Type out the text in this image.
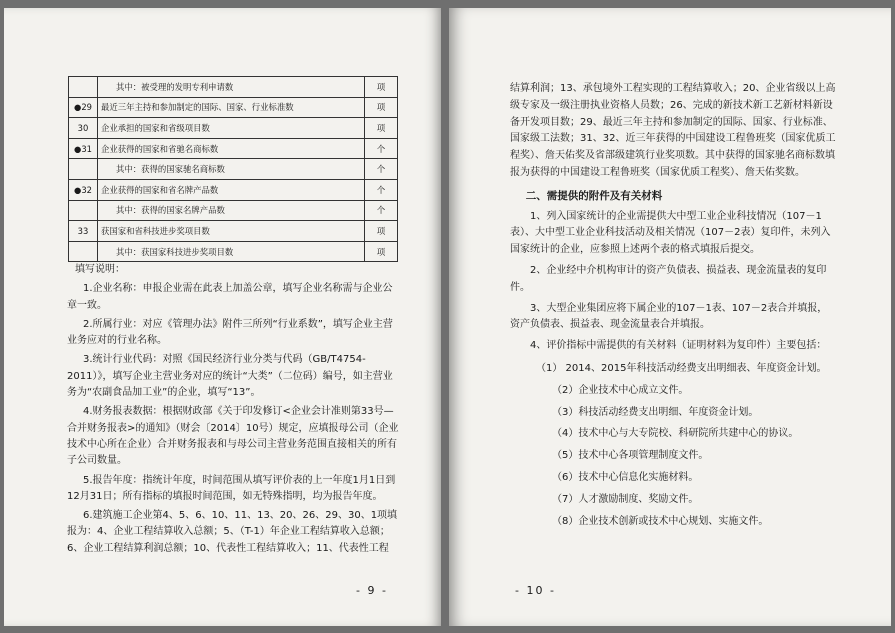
	其中：被受理的发明专利申请数	项
●29	最近三年主持和参加制定的国际、国家、行业标准数	项
30	企业承担的国家和省级项目数	项
●31	企业获得的国家和省驰名商标数	个
	其中：获得的国家驰名商标数	个
●32	企业获得的国家和省名牌产品数	个
	其中：获得的国家名牌产品数	个
33	获国家和省科技进步奖项目数	项
	其中：获国家科技进步奖项目数	项

填写说明：

1.企业名称：申报企业需在此表上加盖公章，填写企业名称需与企业公章一致。

2.所属行业：对应《管理办法》附件三所列“行业系数”，填写企业主营业务应对的行业名称。

3.统计行业代码：对照《国民经济行业分类与代码（GB/T4754-2011）》，填写企业主营业务对应的统计“大类”（二位码）编号，如主营业务为“农副食品加工业”的企业，填写“13”。

4.财务报表数据：根据财政部《关于印发修订<企业会计准则第33号—合并财务报表>的通知》（财会〔2014〕10号）规定，应填报母公司（企业技术中心所在企业）合并财务报表和与母公司主营业务范围直接相关的所有子公司数量。

5.报告年度：指统计年度，时间范围从填写评价表的上一年度1月1日到12月31日；所有指标的填报时间范围，如无特殊指明，均为报告年度。

6.建筑施工企业第4、5、6、10、11、13、20、26、29、30、1项填报为：4、企业工程结算收入总额；5、（T-1）年企业工程结算收入总额；6、企业工程结算利润总额；10、代表性工程结算收入；11、代表性工程

- 9 -

结算利润；13、承包境外工程实现的工程结算收入；20、企业省级以上高级专家及一级注册执业资格人员数；26、完成的新技术新工艺新材料新设备开发项目数；29、最近三年主持和参加制定的国际、国家、行业标准、国家级工法数；31、32、近三年获得的中国建设工程鲁班奖（国家优质工程奖）、詹天佑奖及省部级建筑行业奖项数。其中获得的国家驰名商标数填报为获得的中国建设工程鲁班奖（国家优质工程奖）、詹天佑奖数。

二、需提供的附件及有关材料

1、列入国家统计的企业需提供大中型工业企业科技情况（107－1表）、大中型工业企业科技活动及相关情况（107－2表）复印件，未列入国家统计的企业，应参照上述两个表的格式填报后提交。

2、企业经中介机构审计的资产负债表、损益表、现金流量表的复印件。

3、大型企业集团应将下属企业的107－1表、107－2表合并填报，资产负债表、损益表、现金流量表合并填报。

4、评价指标中需提供的有关材料（证明材料为复印件）主要包括：

（1） 2014、2015年科技活动经费支出明细表、年度资金计划。

（2）企业技术中心成立文件。

（3）科技活动经费支出明细、年度资金计划。

（4）技术中心与大专院校、科研院所共建中心的协议。

（5）技术中心各项管理制度文件。

（6）技术中心信息化实施材料。

（7）人才激励制度、奖励文件。

（8）企业技术创新或技术中心规划、实施文件。

- 10 -
